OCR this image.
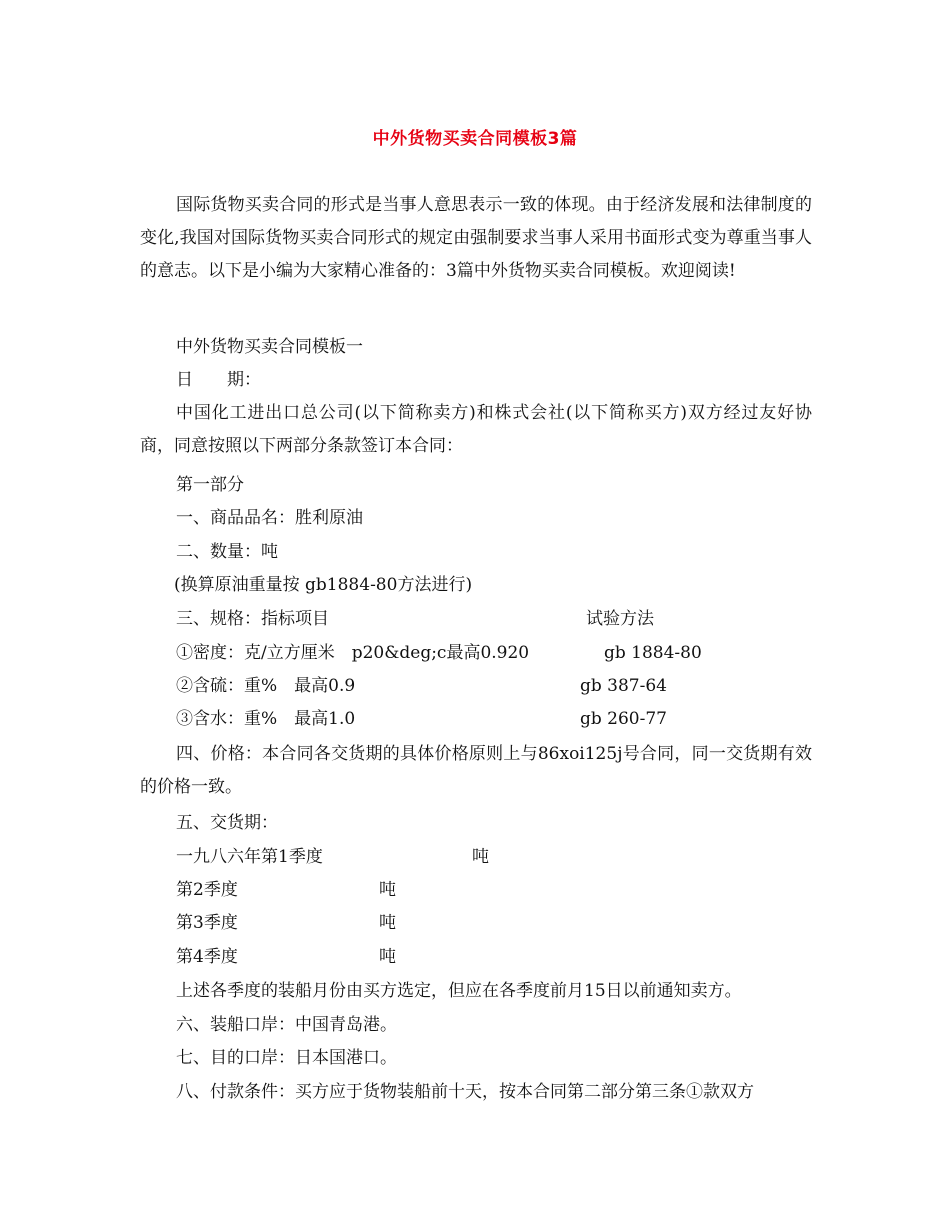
中外货物买卖合同模板3篇

国际货物买卖合同的形式是当事人意思表示一致的体现。由于经济发展和法律制度的变化,我国对国际货物买卖合同形式的规定由强制要求当事人采用书面形式变为尊重当事人的意志。以下是小编为大家精心准备的：3篇中外货物买卖合同模板。欢迎阅读!

中外货物买卖合同模板一
日　　期：

中国化工进出口总公司(以下简称卖方)和株式会社(以下简称买方)双方经过友好协商，同意按照以下两部分条款签订本合同：

第一部分
一、商品品名：胜利原油
二、数量：吨
(换算原油重量按 gb1884-80方法进行)
三、规格：指标项目	试验方法
①密度：克/立方厘米　p20&deg;c最高0.920	gb 1884-80
②含硫：重%　最高0.9	gb 387-64
③含水：重%　最高1.0	gb 260-77

四、价格：本合同各交货期的具体价格原则上与86xoi125j号合同，同一交货期有效的价格一致。

五、交货期：
一九八六年第1季度	吨
第2季度	吨
第3季度	吨
第4季度	吨
上述各季度的装船月份由买方选定，但应在各季度前月15日以前通知卖方。
六、装船口岸：中国青岛港。
七、目的口岸：日本国港口。
八、付款条件：买方应于货物装船前十天，按本合同第二部分第三条①款双方
